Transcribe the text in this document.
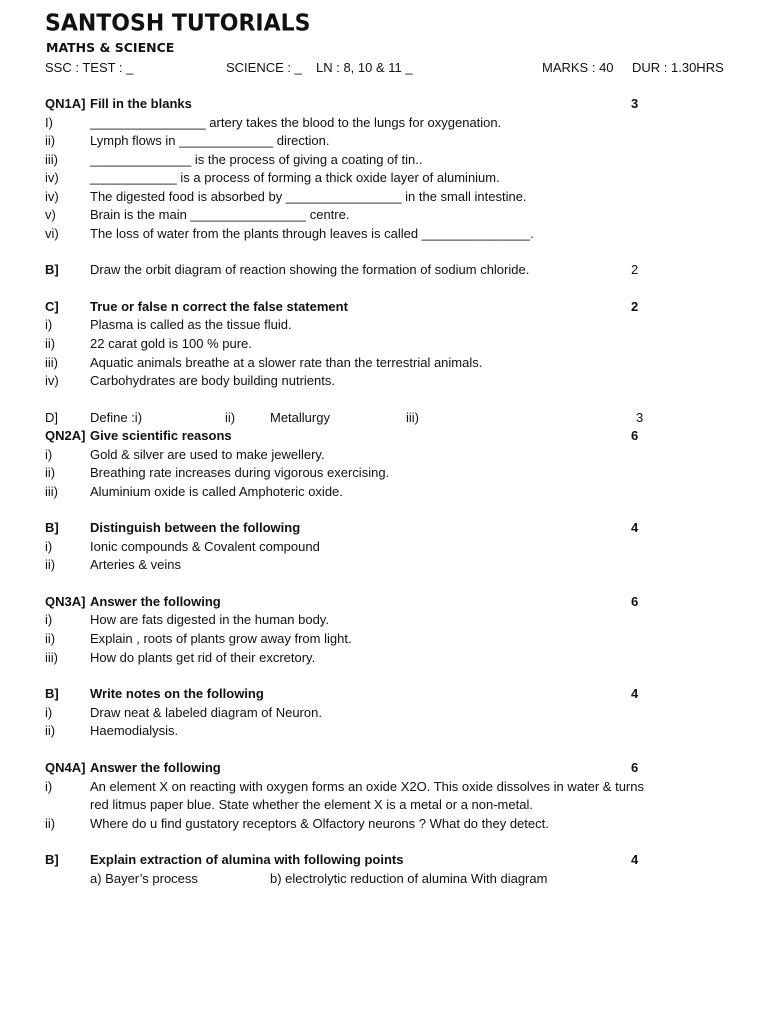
SANTOSH TUTORIALS
MATHS & SCIENCE
SSC : TEST : _	SCIENCE : _ LN : 8, 10 & 11 _	MARKS : 40 DUR : 1.30HRS
QN1A] Fill in the blanks	3
I)	________________ artery takes the blood to the lungs for oxygenation.
ii)	Lymph flows in _____________ direction.
iii) ______________ is the process of giving a coating of tin..
iv) ____________ is a process of forming a thick oxide layer of aluminium.
iv) The digested food is absorbed by ________________ in the small intestine.
v)	Brain is the main ________________ centre.
vi) The loss of water from the plants through leaves is called _______________.
B] Draw the orbit diagram of reaction showing the formation of sodium chloride.	2
C] True or false n correct the false statement	2
i)	Plasma is called as the tissue fluid.
ii)	22 carat gold is 100 % pure.
iii) Aquatic animals breathe at a slower rate than the terrestrial animals.
iv) Carbohydrates are body building nutrients.
D] Define :i)	ii)	Metallurgy	iii)	3
QN2A] Give scientific reasons	6
i)	Gold & silver are used to make jewellery.
ii)	Breathing rate increases during vigorous exercising.
iii) Aluminium oxide is called Amphoteric oxide.
B] Distinguish between the following	4
i)	Ionic compounds & Covalent compound
ii)	Arteries & veins
QN3A] Answer the following	6
i)	How are fats digested in the human body.
ii)	Explain , roots of plants grow away from light.
iii) How do plants get rid of their excretory.
B] Write notes on the following	4
i)	Draw neat & labeled diagram of Neuron.
ii)	Haemodialysis.
QN4A] Answer the following	6
i)	An element X on reacting with oxygen forms an oxide X2O. This oxide dissolves in water & turns
red litmus paper blue. State whether the element X is a metal or a non-metal.
ii)	Where do u find gustatory receptors & Olfactory neurons ? What do they detect.
B] Explain extraction of alumina with following points	4
a) Bayer’s process	b) electrolytic reduction of alumina With diagram
